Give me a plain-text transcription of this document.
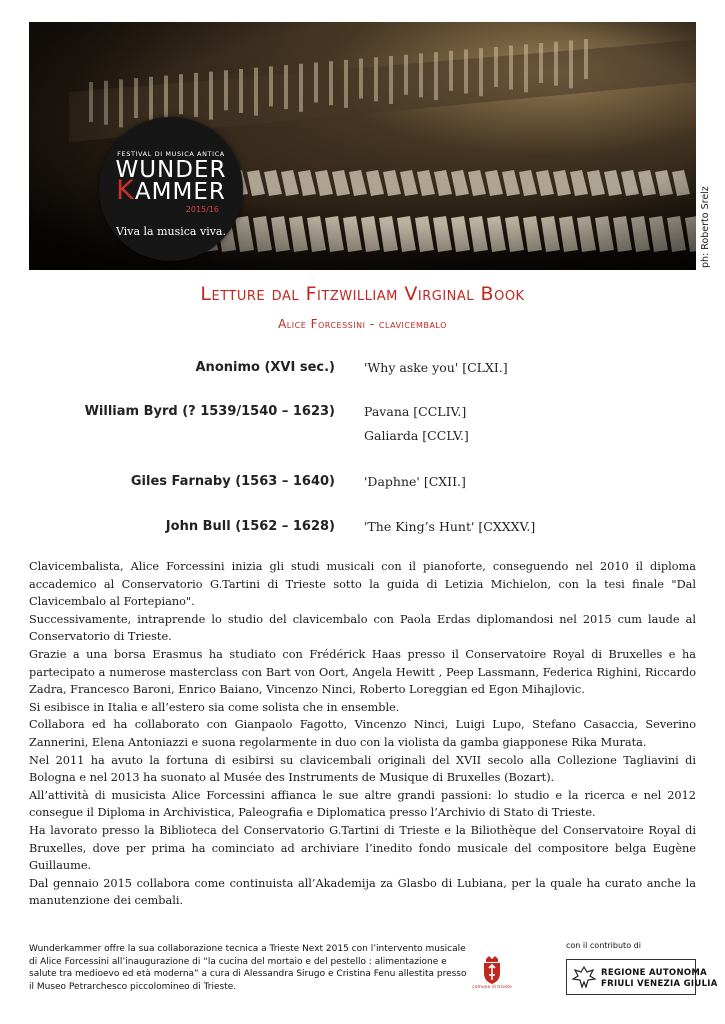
FESTIVAL DI MUSICA ANTICA
WUNDER
KAMMER
2015/16
Viva la musica viva.	ph: Roberto Srelz
Letture dal Fitzwilliam Virginal Book
Alice Forcessini - clavicembalo
Anonimo (XVI sec.) 'Why aske you' [CLXI.]
William Byrd (? 1539/1540 – 1623) Pavana [CCLIV.]
Galiarda [CCLV.]
Giles Farnaby (1563 – 1640) 'Daphne' [CXII.]
John Bull (1562 – 1628) 'The King’s Hunt' [CXXXV.]

Clavicembalista, Alice Forcessini inizia gli studi musicali con il pianoforte, conseguendo nel 2010 il diploma accademico al Conservatorio G.Tartini di Trieste sotto la guida di Letizia Michielon, con la tesi finale "Dal Clavicembalo al Fortepiano".

Successivamente, intraprende lo studio del clavicembalo con Paola Erdas diplomandosi nel 2015 cum laude al Conservatorio di Trieste.

Grazie a una borsa Erasmus ha studiato con Frédérick Haas presso il Conservatoire Royal di Bruxelles e ha partecipato a numerose masterclass con Bart von Oort, Angela Hewitt , Peep Lassmann, Federica Righini, Riccardo Zadra, Francesco Baroni, Enrico Baiano, Vincenzo Ninci, Roberto Loreggian ed Egon Mihajlovic.

Si esibisce in Italia e all’estero sia come solista che in ensemble.

Collabora ed ha collaborato con Gianpaolo Fagotto, Vincenzo Ninci, Luigi Lupo, Stefano Casaccia, Severino Zannerini, Elena Antoniazzi e suona regolarmente in duo con la violista da gamba giapponese Rika Murata.

Nel 2011 ha avuto la fortuna di esibirsi su clavicembali originali del XVII secolo alla Collezione Tagliavini di Bologna e nel 2013 ha suonato al Musée des Instruments de Musique di Bruxelles (Bozart).

All’attività di musicista Alice Forcessini affianca le sue altre grandi passioni: lo studio e la ricerca e nel 2012 consegue il Diploma in Archivistica, Paleografia e Diplomatica presso l’Archivio di Stato di Trieste.

Ha lavorato presso la Biblioteca del Conservatorio G.Tartini di Trieste e la Biliothèque del Conservatoire Royal di Bruxelles, dove per prima ha cominciato ad archiviare l’inedito fondo musicale del compositore belga Eugène Guillaume.

Dal gennaio 2015 collabora come continuista all’Akademija za Glasbo di Lubiana, per la quale ha curato anche la manutenzione dei cembali.

Wunderkammer offre la sua collaborazione tecnica a Trieste Next 2015 con l’intervento musicale di Alice Forcessini all’inaugurazione di “la cucina del mortaio e del pestello : alimentazione e salute tra medioevo ed età moderna” a cura di Alessandra Sirugo e Cristina Fenu allestita presso il Museo Petrarchesco piccolomineo di Trieste.	comune di trieste
con il contributo di
REGIONE AUTONOMA
FRIULI VENEZIA GIULIA
